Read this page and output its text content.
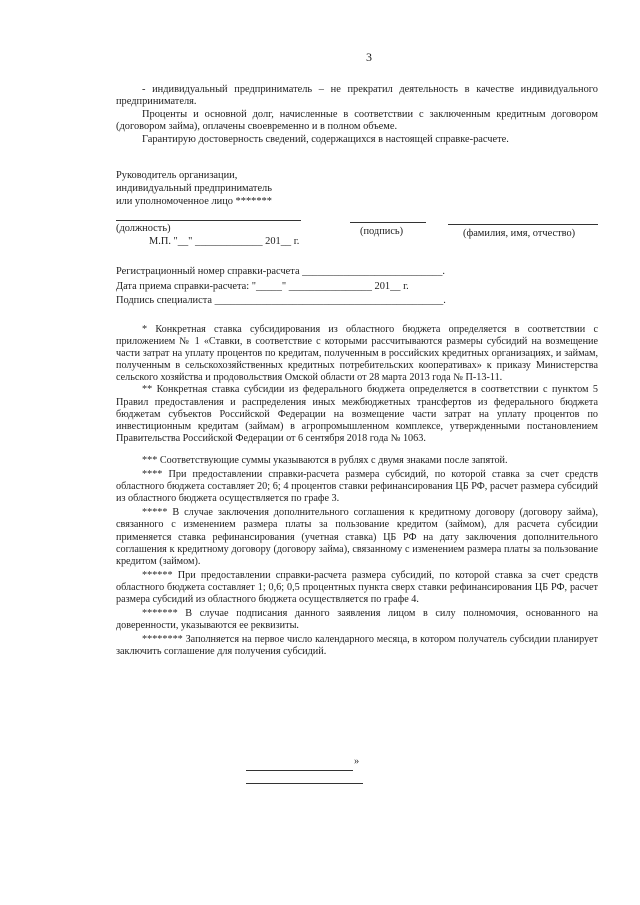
3

- индивидуальный предприниматель – не прекратил деятельность в качестве индивидуального предпринимателя.

Проценты и основной долг, начисленные в соответствии с заключенным кредитным договором (договором займа), оплачены своевременно и в полном объеме.

Гарантирую достоверность сведений, содержащихся в настоящей справке-расчете.

Руководитель организации,
индивидуальный предприниматель
или уполномоченное лицо *******
(должность)	(подпись)	(фамилия, имя, отчество)
М.П. "__" _____________ 201__ г.
Регистрационный номер справки-расчета ___________________________.
Дата приема справки-расчета: "_____" ________________ 201__ г.
Подпись специалиста ____________________________________________.

* Конкретная ставка субсидирования из областного бюджета определяется в соответствии с приложением № 1 «Ставки, в соответствие с которыми рассчитываются размеры субсидий на возмещение части затрат на уплату процентов по кредитам, полученным в российских кредитных организациях, и займам, полученным в сельскохозяйственных кредитных потребительских кооперативах» к приказу Министерства сельского хозяйства и продовольствия Омской области от 28 марта 2013 года № П-13-11.

** Конкретная ставка субсидии из федерального бюджета определяется в соответствии с пунктом 5 Правил предоставления и распределения иных межбюджетных трансфертов из федерального бюджета бюджетам субъектов Российской Федерации на возмещение части затрат на уплату процентов по инвестиционным кредитам (займам) в агропромышленном комплексе, утвержденными постановлением Правительства Российской Федерации от 6 сентября 2018 года № 1063.

*** Соответствующие суммы указываются в рублях с двумя знаками после запятой.

**** При предоставлении справки-расчета размера субсидий, по которой ставка за счет средств областного бюджета составляет 20; 6; 4 процентов ставки рефинансирования ЦБ РФ, расчет размера субсидий из областного бюджета осуществляется по графе 3.

***** В случае заключения дополнительного соглашения к кредитному договору (договору займа), связанного с изменением размера платы за пользование кредитом (займом), для расчета субсидии применяется ставка рефинансирования (учетная ставка) ЦБ РФ на дату заключения дополнительного соглашения к кредитному договору (договору займа), связанному с изменением размера платы за пользование кредитом (займом).

****** При предоставлении справки-расчета размера субсидий, по которой ставка за счет средств областного бюджета составляет 1; 0,6; 0,5 процентных пункта сверх ставки рефинансирования ЦБ РФ, расчет размера субсидий из областного бюджета осуществляется по графе 4.

******* В случае подписания данного заявления лицом в силу полномочия, основанного на доверенности, указываются ее реквизиты.

******** Заполняется на первое число календарного месяца, в котором получатель субсидии планирует заключить соглашение для получения субсидий.

»
